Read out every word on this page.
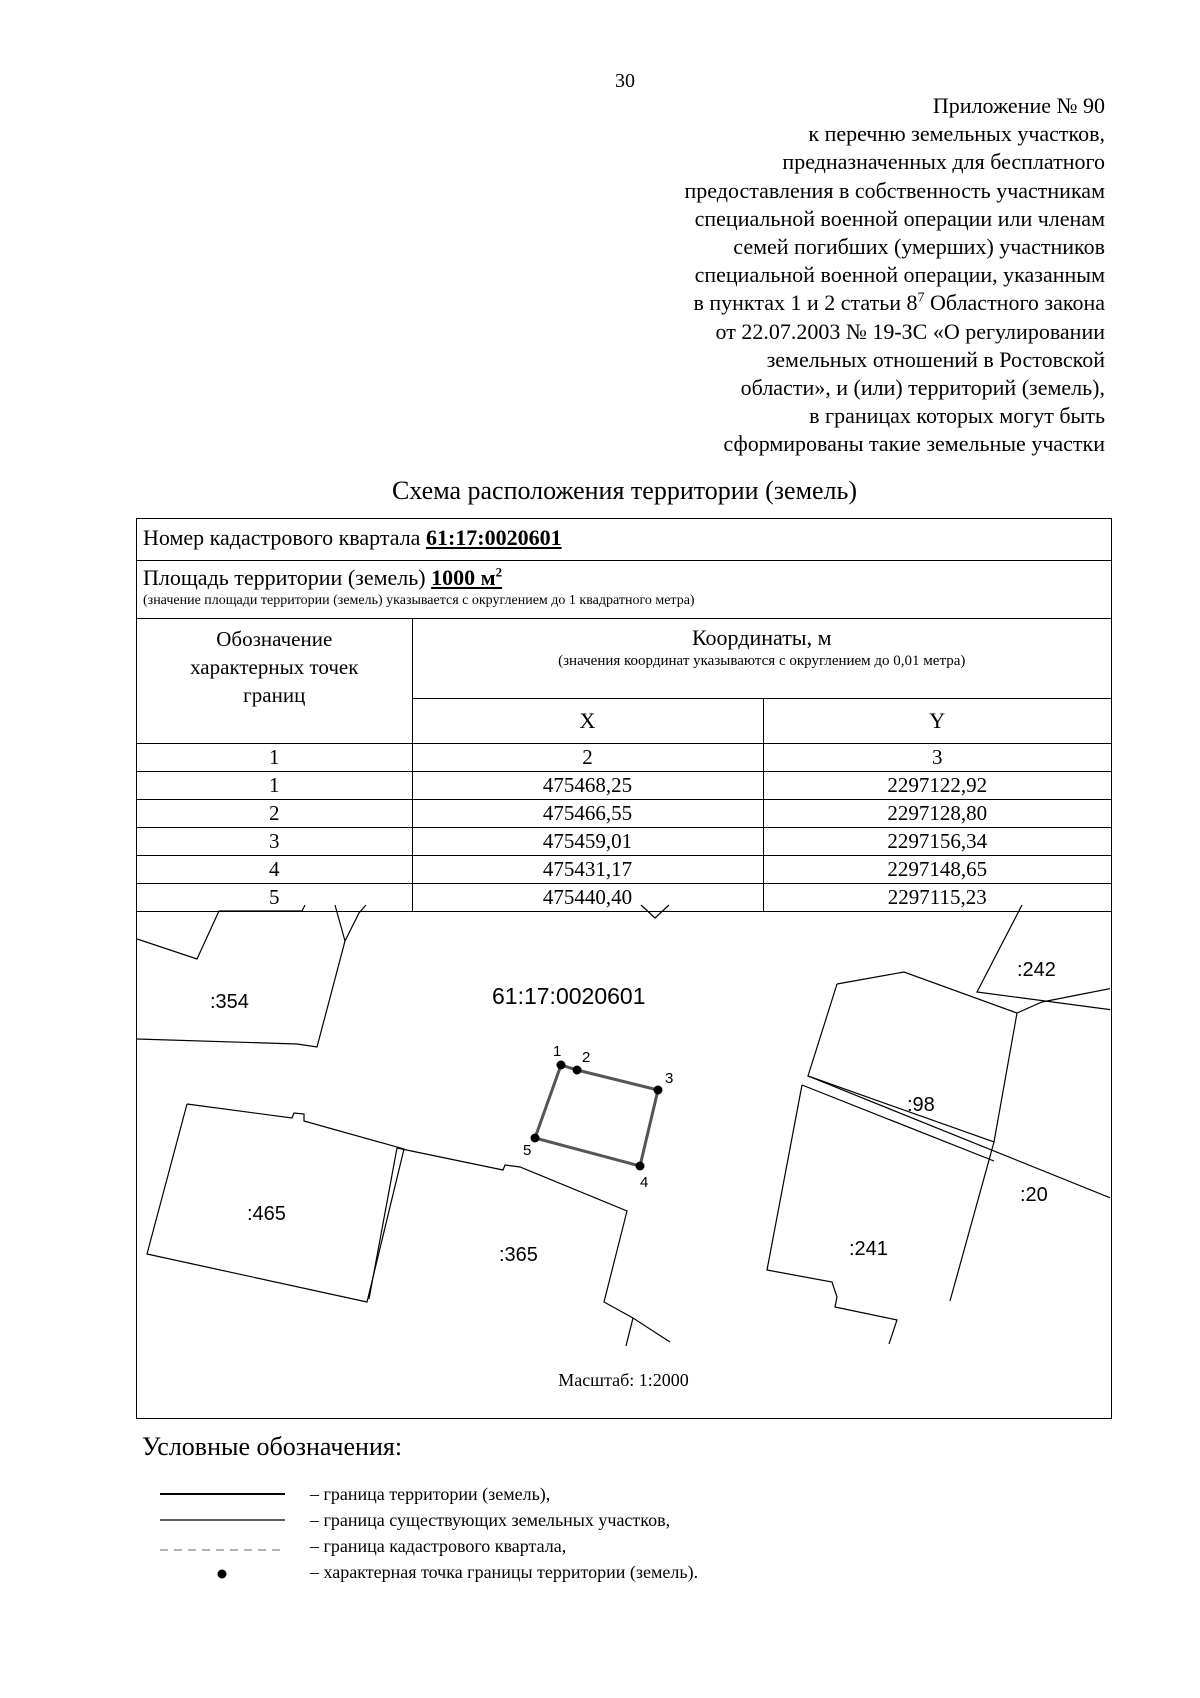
30
Приложение № 90
к перечню земельных участков,
предназначенных для бесплатного
предоставления в собственность участникам
специальной военной операции или членам
семей погибших (умерших) участников
специальной военной операции, указанным
в пунктах 1 и 2 статьи $8^7$ Областного закона
от 22.07.2003 № 19-ЗС «О регулировании
земельных отношений в Ростовской
области», и (или) территорий (земель),
в границах которых могут быть
сформированы такие земельные участки
Схема расположения территории (земель)
Номер кадастрового квартала 61:17:0020601
Площадь территории (земель) 1000 $м^2$
(значение площади территории (земель) указывается с округлением до 1 квадратного метра)
Обозначение характерных точек границ	Координаты, м
(значения координат указываются с округлением до 0,01 метра)	

	X	Y
1	2	3
1	475468,25	2297122,92
2	475466,55	2297128,80
3	475459,01	2297156,34
4	475431,17	2297148,65
5	475440,40	2297115,23
61:17:0020601
:354
:242
:98
:20
:465
:365	:241
1 2
3
4
5
Масштаб: 1:2000
Условные обозначения:
– граница территории (земель),
– граница существующих земельных участков,
– граница кадастрового квартала,
– характерная точка границы территории (земель).
